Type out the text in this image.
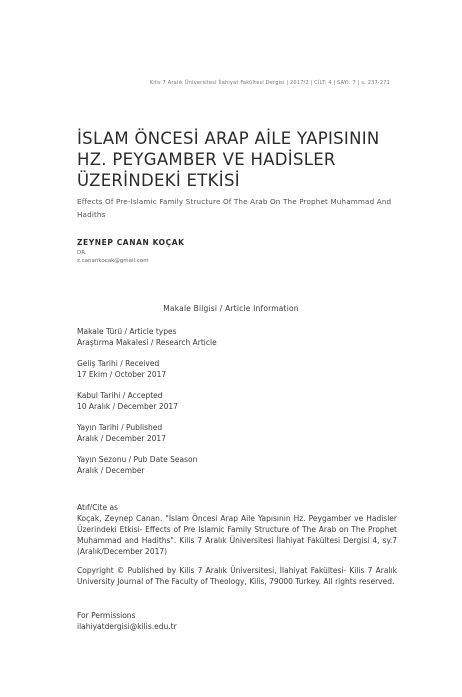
Kilis 7 Aralık Üniversitesi İlahiyat Fakültesi Dergisi | 2017/2 | CİLT: 4 | SAYI: 7 | s. 237-271
İSLAM ÖNCESİ ARAP AİLE YAPISININ
HZ. PEYGAMBER VE HADİSLER
ÜZERİNDEKİ ETKİSİ

Effects Of Pre-Islamic Family Structure Of The Arab On The Prophet Muhammad And Hadiths

ZEYNEP CANAN KOÇAK
DR.
z.canankocak@gmail.com
Makale Bilgisi / Article Information
Makale Türü / Article types
Araştırma Makalesi / Research Article
Geliş Tarihi / Received
17 Ekim / October 2017
Kabul Tarihi / Accepted
10 Aralık / December 2017
Yayın Tarihi / Published
Aralık / December 2017
Yayın Sezonu / Pub Date Season
Aralık / December
Atıf/Cite as
Koçak, Zeynep Canan. "İslam Öncesi Arap Aile Yapısının Hz. Peygamber ve Hadisler Üzerindeki Etkisi- Effects of Pre Islamic Family Structure of The Arab on The Prophet Muhammad and Hadiths". Kilis 7 Aralık Üniversitesi İlahiyat Fakültesi Dergisi 4, sy.7 (Aralık/December 2017)
Copyright © Published by Kilis 7 Aralık Üniversitesi, İlahiyat Fakültesi- Kilis 7 Aralık University Journal of The Faculty of Theology, Kilis, 79000 Turkey. All rights reserved.
For Permissions
ilahiyatdergisi@kilis.edu.tr
